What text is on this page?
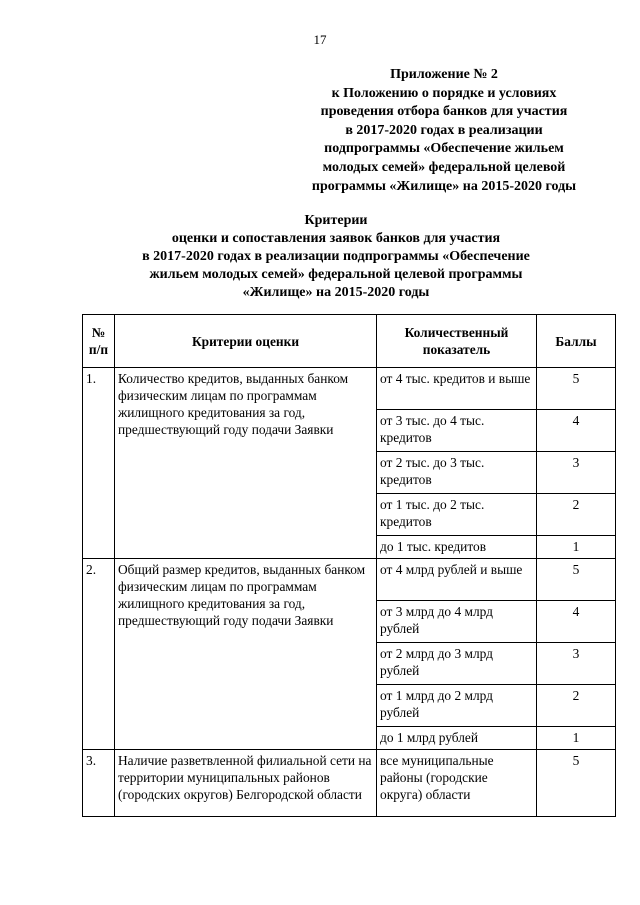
17
Приложение № 2
к Положению о порядке и условиях
проведения отбора банков для участия
в 2017-2020 годах в реализации
подпрограммы «Обеспечение жильем
молодых семей» федеральной целевой
программы «Жилище» на 2015-2020 годы
Критерии
оценки и сопоставления заявок банков для участия
в 2017-2020 годах в реализации подпрограммы «Обеспечение
жильем молодых семей» федеральной целевой программы
«Жилище» на 2015-2020 годы
№ п/п	Критерии оценки	Количественный показатель	Баллы
1.	Количество кредитов, выданных банком физическим лицам по программам жилищного кредитования за год, предшествующий году подачи Заявки	от 4 тыс. кредитов и выше	5
		от 3 тыс. до 4 тыс. кредитов	4
		от 2 тыс. до 3 тыс. кредитов	3
		от 1 тыс. до 2 тыс. кредитов	2
		до 1 тыс. кредитов	1
2.	Общий размер кредитов, выданных банком физическим лицам по программам жилищного кредитования за год, предшествующий году подачи Заявки	от 4 млрд рублей и выше	5
		от 3 млрд до 4 млрд рублей	4
		от 2 млрд до 3 млрд рублей	3
		от 1 млрд до 2 млрд рублей	2
		до 1 млрд рублей	1
3.	Наличие разветвленной филиальной сети на территории муниципальных районов (городских округов) Белгородской области	все муниципальные районы (городские округа) области	5
